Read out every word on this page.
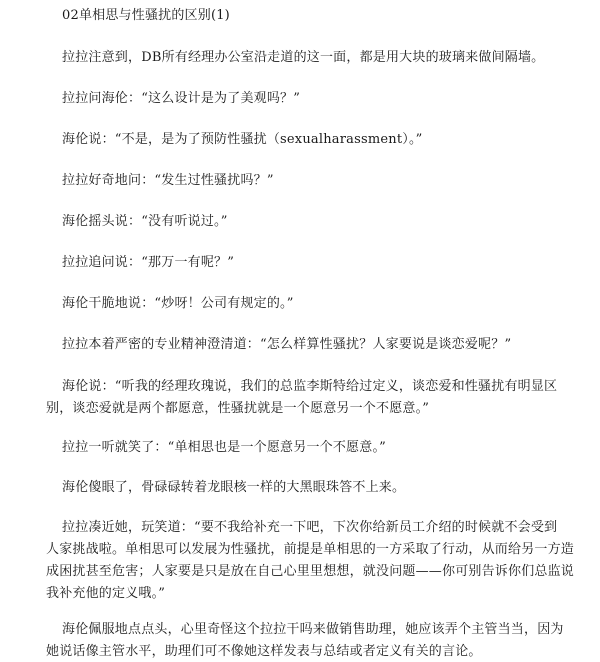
02单相思与性骚扰的区别(1)
拉拉注意到，DB所有经理办公室沿走道的这一面，都是用大块的玻璃来做间隔墙。
拉拉问海伦：“这么设计是为了美观吗？”
海伦说：“不是，是为了预防性骚扰（sexualharassment）。”
拉拉好奇地问：“发生过性骚扰吗？”
海伦摇头说：“没有听说过。”
拉拉追问说：“那万一有呢？”
海伦干脆地说：“炒呀！公司有规定的。”
拉拉本着严密的专业精神澄清道：“怎么样算性骚扰？人家要说是谈恋爱呢？”
海伦说：“听我的经理玫瑰说，我们的总监李斯特给过定义，谈恋爱和性骚扰有明显区
别，谈恋爱就是两个都愿意，性骚扰就是一个愿意另一个不愿意。”
拉拉一听就笑了：“单相思也是一个愿意另一个不愿意。”
海伦傻眼了，骨碌碌转着龙眼核一样的大黑眼珠答不上来。
拉拉凑近她，玩笑道：“要不我给补充一下吧，下次你给新员工介绍的时候就不会受到
人家挑战啦。单相思可以发展为性骚扰，前提是单相思的一方采取了行动，从而给另一方造
成困扰甚至危害；人家要是只是放在自己心里里想想，就没问题——你可别告诉你们总监说
我补充他的定义哦。”
海伦佩服地点点头，心里奇怪这个拉拉干吗来做销售助理，她应该弄个主管当当，因为
她说话像主管水平，助理们可不像她这样发表与总结或者定义有关的言论。
